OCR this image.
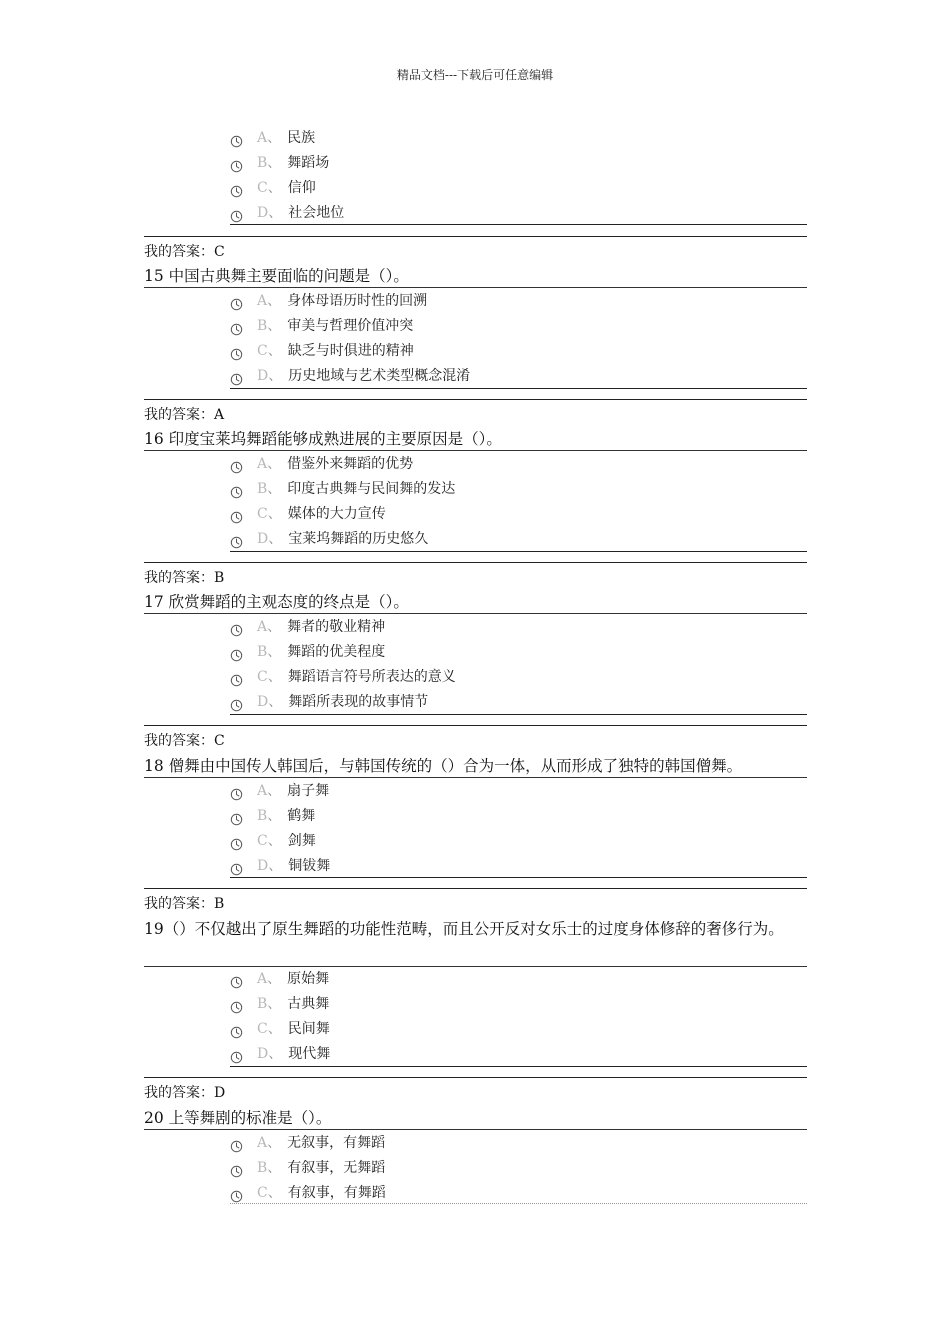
精品文档---下载后可任意编辑
A 、 民族
B 、 舞蹈场
C 、 信仰
D 、 社会地位
我的答案：C
15 中国古典舞主要面临的问题是（）。
A 、 身体母语历时性的回溯
B 、 审美与哲理价值冲突
C 、 缺乏与时俱进的精神
D 、 历史地域与艺术类型概念混淆
我的答案：A
16 印度宝莱坞舞蹈能够成熟进展的主要原因是（）。
A 、 借鉴外来舞蹈的优势
B 、 印度古典舞与民间舞的发达
C 、 媒体的大力宣传
D 、 宝莱坞舞蹈的历史悠久
我的答案：B
17 欣赏舞蹈的主观态度的终点是（）。
A 、 舞者的敬业精神
B 、 舞蹈的优美程度
C 、 舞蹈语言符号所表达的意义
D 、 舞蹈所表现的故事情节
我的答案：C
18 僧舞由中国传人韩国后，与韩国传统的（）合为一体，从而形成了独特的韩国僧舞。
A 、 扇子舞
B 、 鹤舞
C 、 剑舞
D 、 铜钹舞
我的答案：B
19（）不仅越出了原生舞蹈的功能性范畴，而且公开反对女乐士的过度身体修辞的奢侈行为。
A 、 原始舞
B 、 古典舞
C 、 民间舞
D 、 现代舞
我的答案：D
20 上等舞剧的标准是（）。
A 、 无叙事，有舞蹈
B 、 有叙事，无舞蹈
C 、 有叙事，有舞蹈
